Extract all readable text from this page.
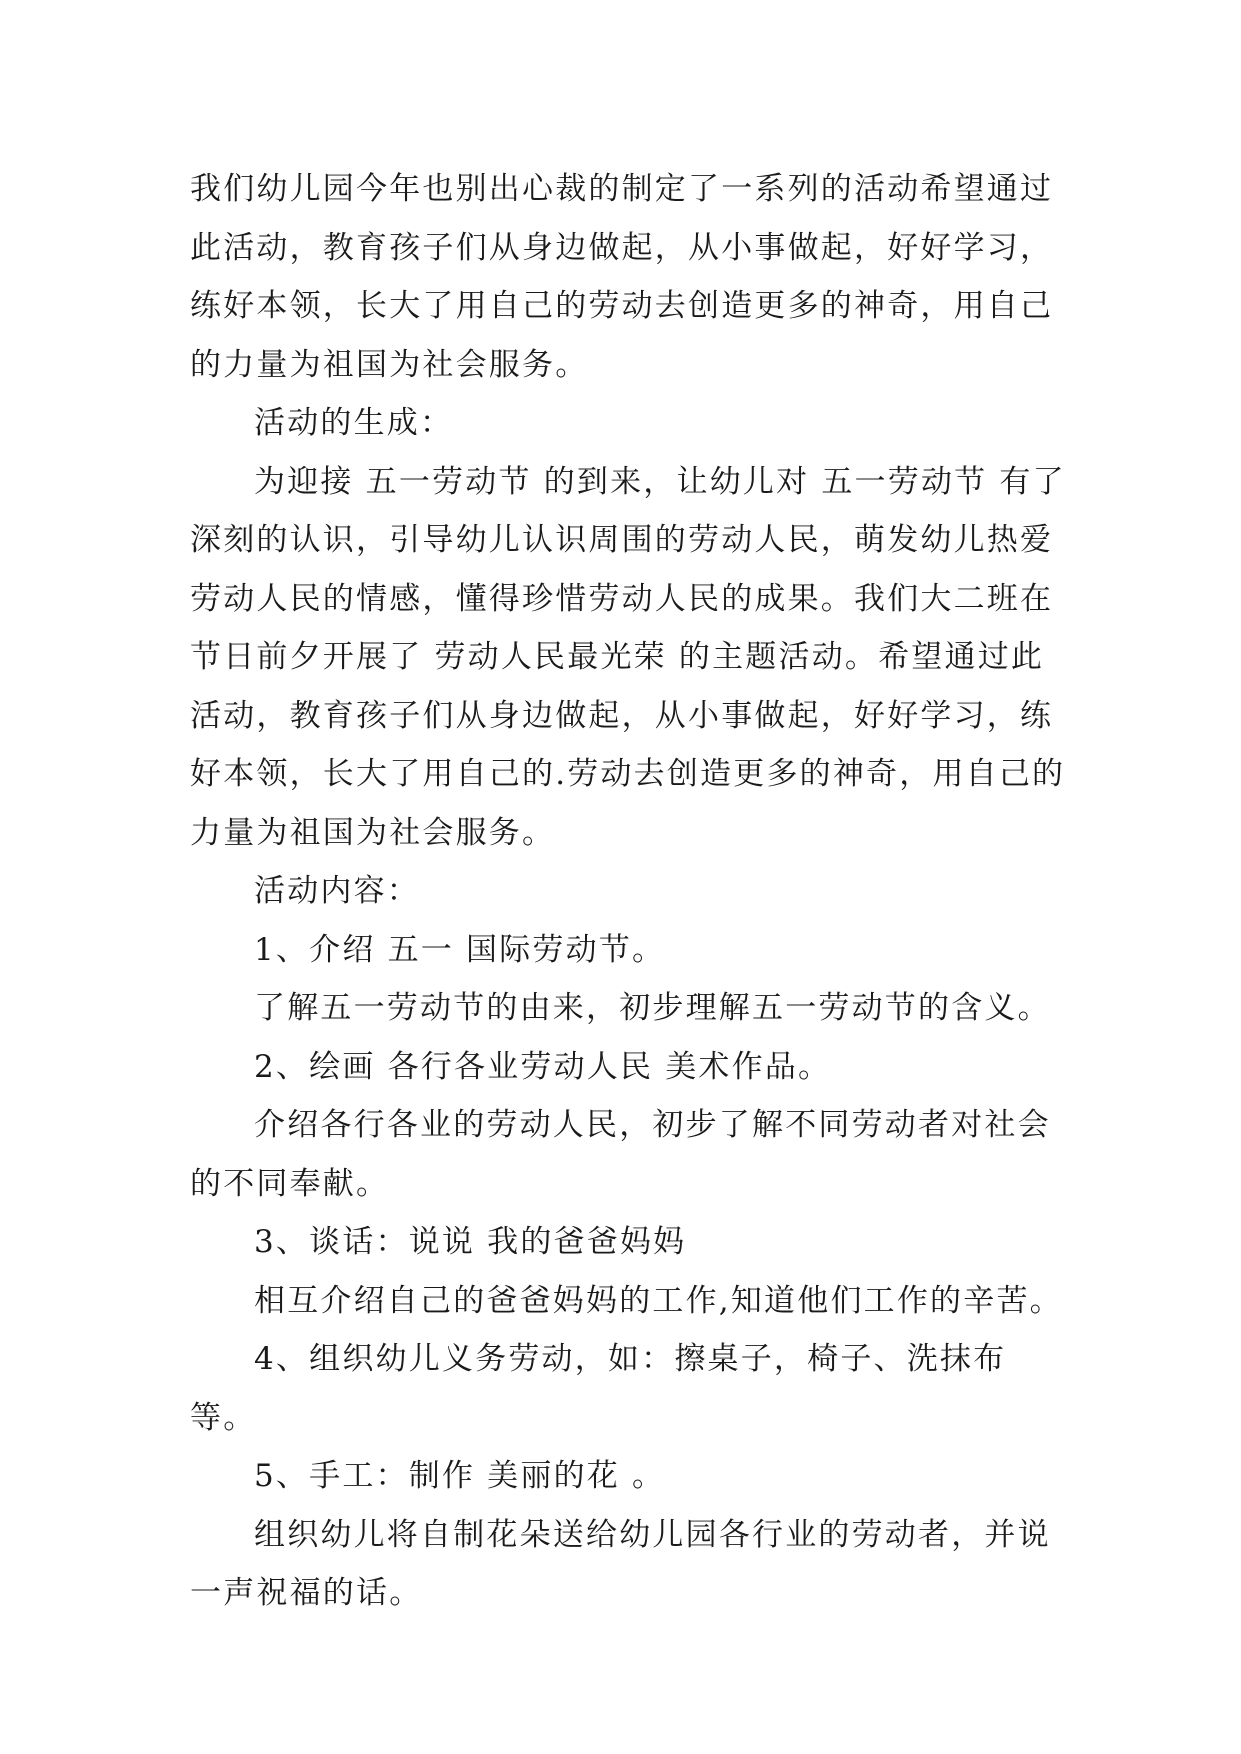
我们幼儿园今年也别出心裁的制定了一系列的活动希望通过此活动，教育孩子们从身边做起，从小事做起，好好学习，练好本领，长大了用自己的劳动去创造更多的神奇，用自己的力量为祖国为社会服务。

活动的生成：

为迎接 五一劳动节 的到来，让幼儿对 五一劳动节 有了深刻的认识，引导幼儿认识周围的劳动人民，萌发幼儿热爱劳动人民的情感，懂得珍惜劳动人民的成果。我们大二班在节日前夕开展了 劳动人民最光荣 的主题活动。希望通过此活动，教育孩子们从身边做起，从小事做起，好好学习，练好本领，长大了用自己的.劳动去创造更多的神奇，用自己的力量为祖国为社会服务。

活动内容：

1、介绍 五一 国际劳动节。

了解五一劳动节的由来，初步理解五一劳动节的含义。

2、绘画 各行各业劳动人民 美术作品。

介绍各行各业的劳动人民，初步了解不同劳动者对社会的不同奉献。

3、谈话：说说 我的爸爸妈妈

相互介绍自己的爸爸妈妈的工作,知道他们工作的辛苦。

4、组织幼儿义务劳动，如：擦桌子，椅子、洗抹布等。

5、手工：制作 美丽的花 。

组织幼儿将自制花朵送给幼儿园各行业的劳动者，并说一声祝福的话。
